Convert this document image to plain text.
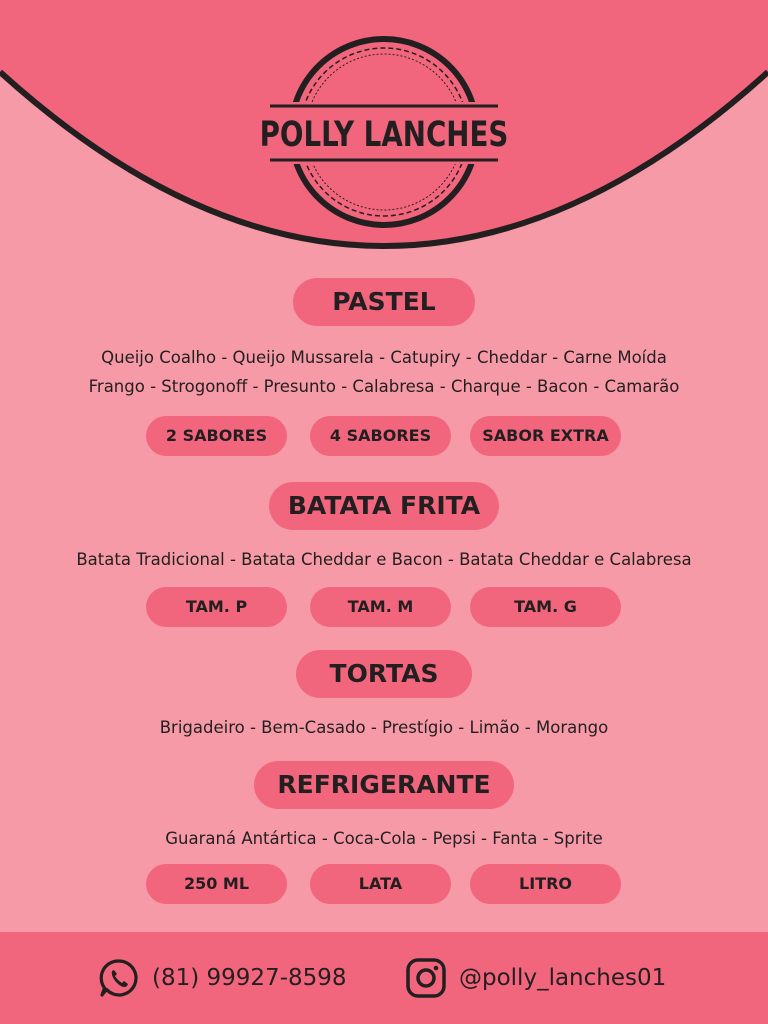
POLLY LANCHES
PASTEL
Queijo Coalho - Queijo Mussarela - Catupiry - Cheddar - Carne Moída
Frango - Strogonoff - Presunto - Calabresa - Charque - Bacon - Camarão
2 SABORES	4 SABORES	SABOR EXTRA
BATATA FRITA
Batata Tradicional - Batata Cheddar e Bacon - Batata Cheddar e Calabresa
TAM. P	TAM. M	TAM. G
TORTAS
Brigadeiro - Bem-Casado - Prestígio - Limão - Morango
REFRIGERANTE
Guaraná Antártica - Coca-Cola - Pepsi - Fanta - Sprite
250 ML	LATA	LITRO
(81) 99927-8598	@polly_lanches01
